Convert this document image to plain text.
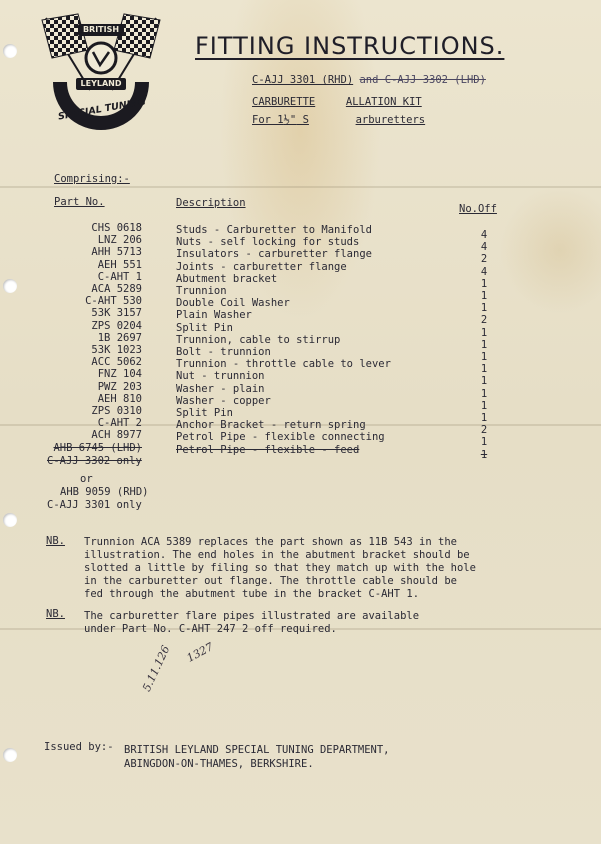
BRITISH
LEYLAND
SPECIAL TUNING
FITTING INSTRUCTIONS.
C-AJJ 3301 (RHD) and C-AJJ 3302 (LHD)
CARBURETTE	ALLATION KIT
For 1½" S	arburetters
Comprising:-
Part No.	Description	No.Off
CHS 0618	Studs - Carburetter to Manifold	4
LNZ 206	Nuts - self locking for studs	4
AHH 5713	Insulators - carburetter flange	2
AEH 551	Joints - carburetter flange	4
C-AHT 1	Abutment bracket	1
ACA 5289	Trunnion	1
C-AHT 530	Double Coil Washer	1
53K 3157	Plain Washer	2
ZPS 0204	Split Pin	1
1B 2697	Trunnion, cable to stirrup	1
53K 1023	Bolt - trunnion	1
ACC 5062	Trunnion - throttle cable to lever	1
FNZ 104	Nut - trunnion	1
PWZ 203	Washer - plain	1
AEH 810	Washer - copper	1
ZPS 0310	Split Pin	1
C-AHT 2	Anchor Bracket - return spring	2
ACH 8977	Petrol Pipe - flexible connecting	1
AHB 6745 (LHD)	Petrol Pipe - flexible - feed	1
C-AJJ 3302 only
or
AHB 9059 (RHD)
C-AJJ 3301 only
NB. Trunnion ACA 5389 replaces the part shown as 11B 543 in the illustration. The end holes in the abutment bracket should be slotted a little by filing so that they match up with the hole in the carburetter out flange. The throttle cable should be fed through the abutment tube in the bracket C-AHT 1.
NB. The carburetter flare pipes illustrated are available under Part No. C-AHT 247 2 off required.
1327
5.11.126
Issued by:- BRITISH LEYLAND SPECIAL TUNING DEPARTMENT,
ABINGDON-ON-THAMES, BERKSHIRE.
